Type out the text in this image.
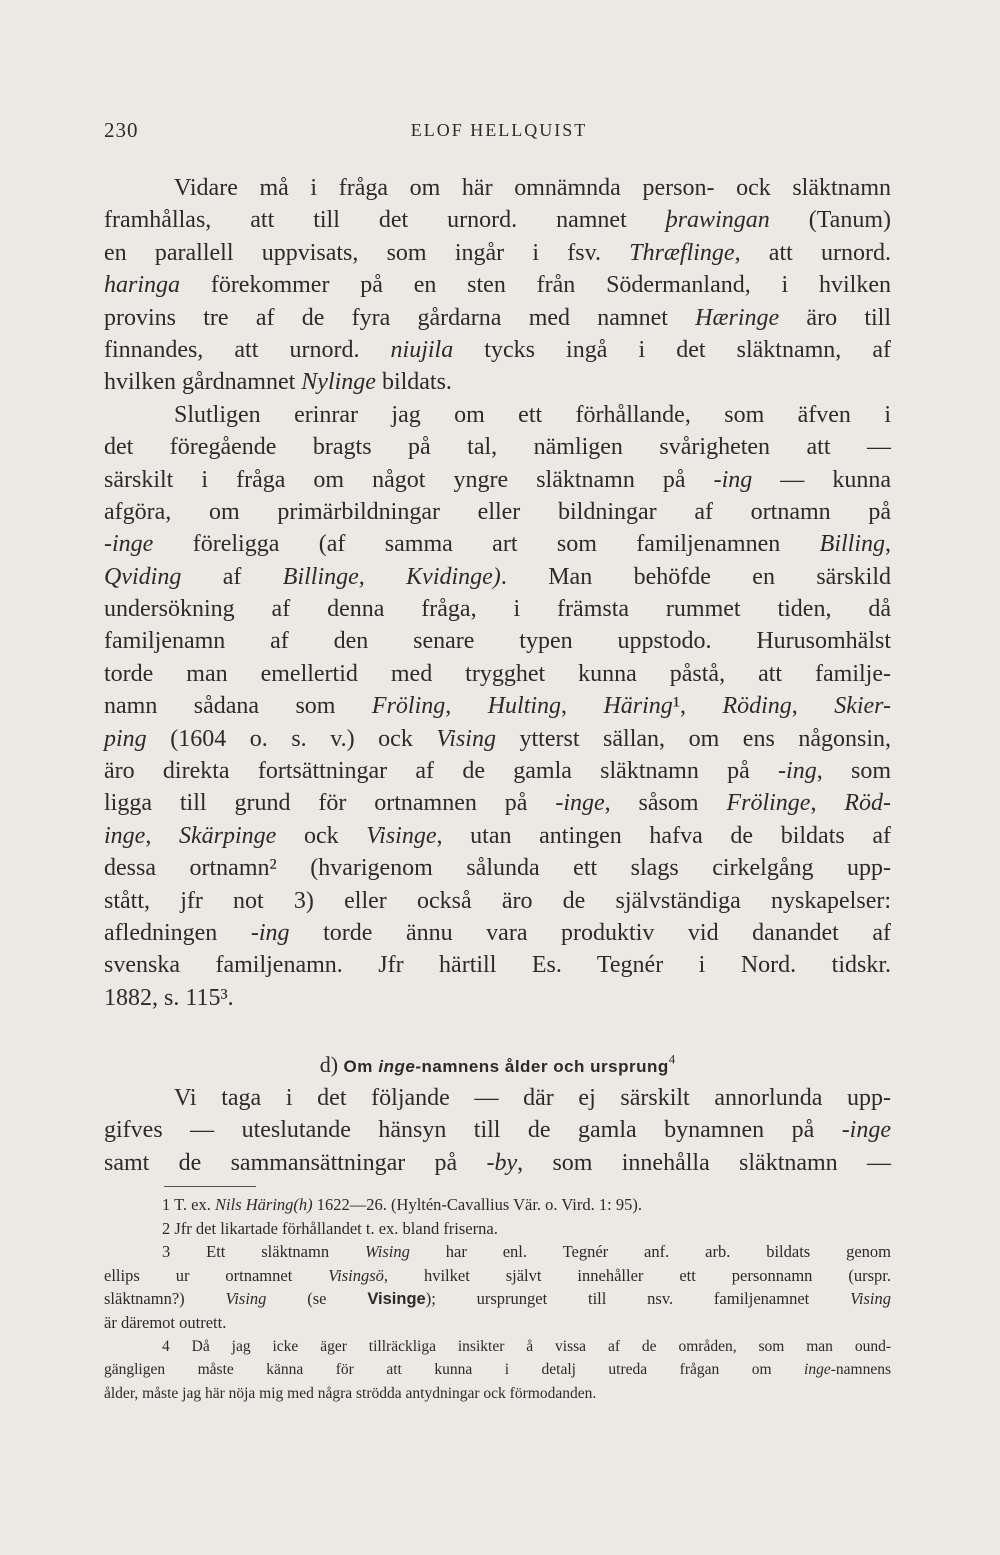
230	ELOF HELLQUIST
Vidare må i fråga om här omnämnda person- ock släktnamn
framhållas, att till det urnord. namnet þrawingan (Tanum)
en parallell uppvisats, som ingår i fsv. Thræflinge, att urnord.
haringa förekommer på en sten från Södermanland, i hvilken
provins tre af de fyra gårdarna med namnet Hæringe äro till
finnandes, att urnord. niujila tycks ingå i det släktnamn, af
hvilken gårdnamnet Nylinge bildats.
Slutligen erinrar jag om ett förhållande, som äfven i
det föregående bragts på tal, nämligen svårigheten att —
särskilt i fråga om något yngre släktnamn på -ing — kunna
afgöra, om primärbildningar eller bildningar af ortnamn på
-inge föreligga (af samma art som familjenamnen Billing,
Qviding af Billinge, Kvidinge). Man behöfde en särskild
undersökning af denna fråga, i främsta rummet tiden, då
familjenamn af den senare typen uppstodo. Hurusomhälst
torde man emellertid med trygghet kunna påstå, att familje-
namn sådana som Fröling, Hulting, Häring¹, Röding, Skier-
ping (1604 o. s. v.) ock Vising ytterst sällan, om ens någonsin,
äro direkta fortsättningar af de gamla släktnamn på -ing, som
ligga till grund för ortnamnen på -inge, såsom Frölinge, Röd-
inge, Skärpinge ock Visinge, utan antingen hafva de bildats af
dessa ortnamn² (hvarigenom sålunda ett slags cirkelgång upp-
stått, jfr not 3) eller också äro de självständiga nyskapelser:
afledningen -ing torde ännu vara produktiv vid danandet af
svenska familjenamn. Jfr härtill Es. Tegnér i Nord. tidskr.
1882, s. 115³.
d) Om inge-namnens ålder och ursprung$^4$
Vi taga i det följande — där ej särskilt annorlunda upp-
gifves — uteslutande hänsyn till de gamla bynamnen på -inge
samt de sammansättningar på -by, som innehålla släktnamn —
1 T. ex. Nils Häring(h) 1622—26. (Hyltén-Cavallius Vär. o. Vird. 1: 95).
2 Jfr det likartade förhållandet t. ex. bland friserna.
3 Ett släktnamn Wising har enl. Tegnér anf. arb. bildats genom
ellips ur ortnamnet Visingsö, hvilket självt innehåller ett personnamn (urspr.
släktnamn?) Vising (se Visinge); ursprunget till nsv. familjenamnet Vising
är däremot outrett.
4 Då jag icke äger tillräckliga insikter å vissa af de områden, som man ound-
gängligen måste känna för att kunna i detalj utreda frågan om inge-namnens
ålder, måste jag här nöja mig med några strödda antydningar ock förmodanden.
